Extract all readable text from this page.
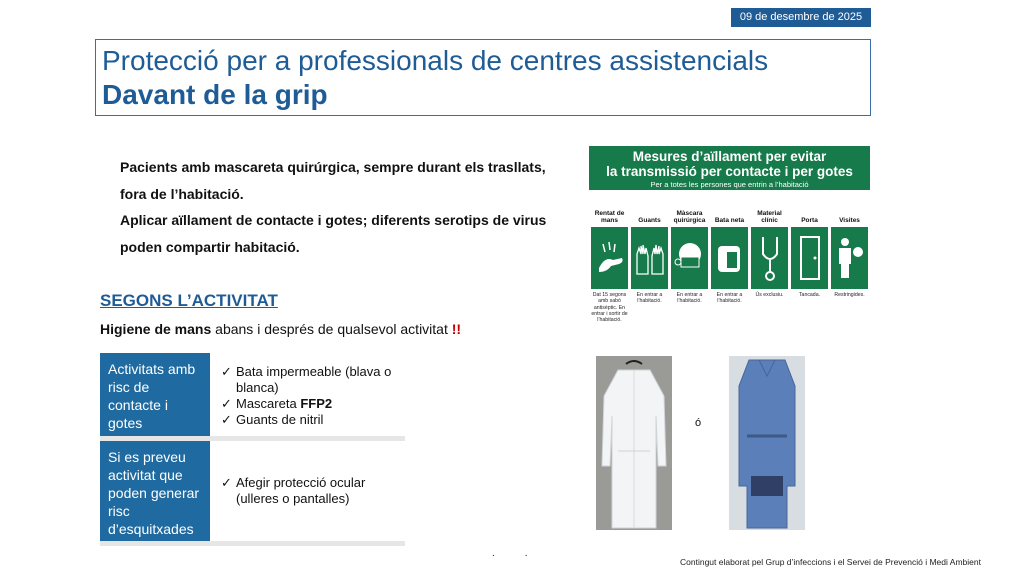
09 de desembre de 2025
Protecció per a professionals de centres assistencials
Davant de la grip

Pacients amb mascareta quirúrgica, sempre durant els trasllats,

fora de l’habitació.

Aplicar aïllament de contacte i gotes; diferents serotips de virus

poden compartir habitació.

SEGONS L’ACTIVITAT
Higiene de mans abans i després de qualsevol activitat !!
Activitats amb risc de contacte i gotes
✓ Bata impermeable (blava o blanca)
✓ Mascareta FFP2
✓ Guants de nitril
Si es preveu activitat que poden generar risc d’esquitxades
✓ Afegir protecció ocular (ulleres o pantalles)
Mesures d’aïllament per evitar
la transmissió per contacte i per gotes
Per a totes les persones que entrin a l’habitació
Rentat de mans
Dat 15 segons amb sabó antisèptic. En entrar i sortir de l’habitació.
Guants
En entrar a l’habitació.
Màscara quirúrgica
En entrar a l’habitació.
Bata neta
En entrar a l’habitació.
Material clínic
Ús exclusiu.
Porta
Tancada.
Visites
Restringides.
ó
..
Contingut elaborat pel Grup d’infeccions i el Servei de Prevenció i Medi Ambient
